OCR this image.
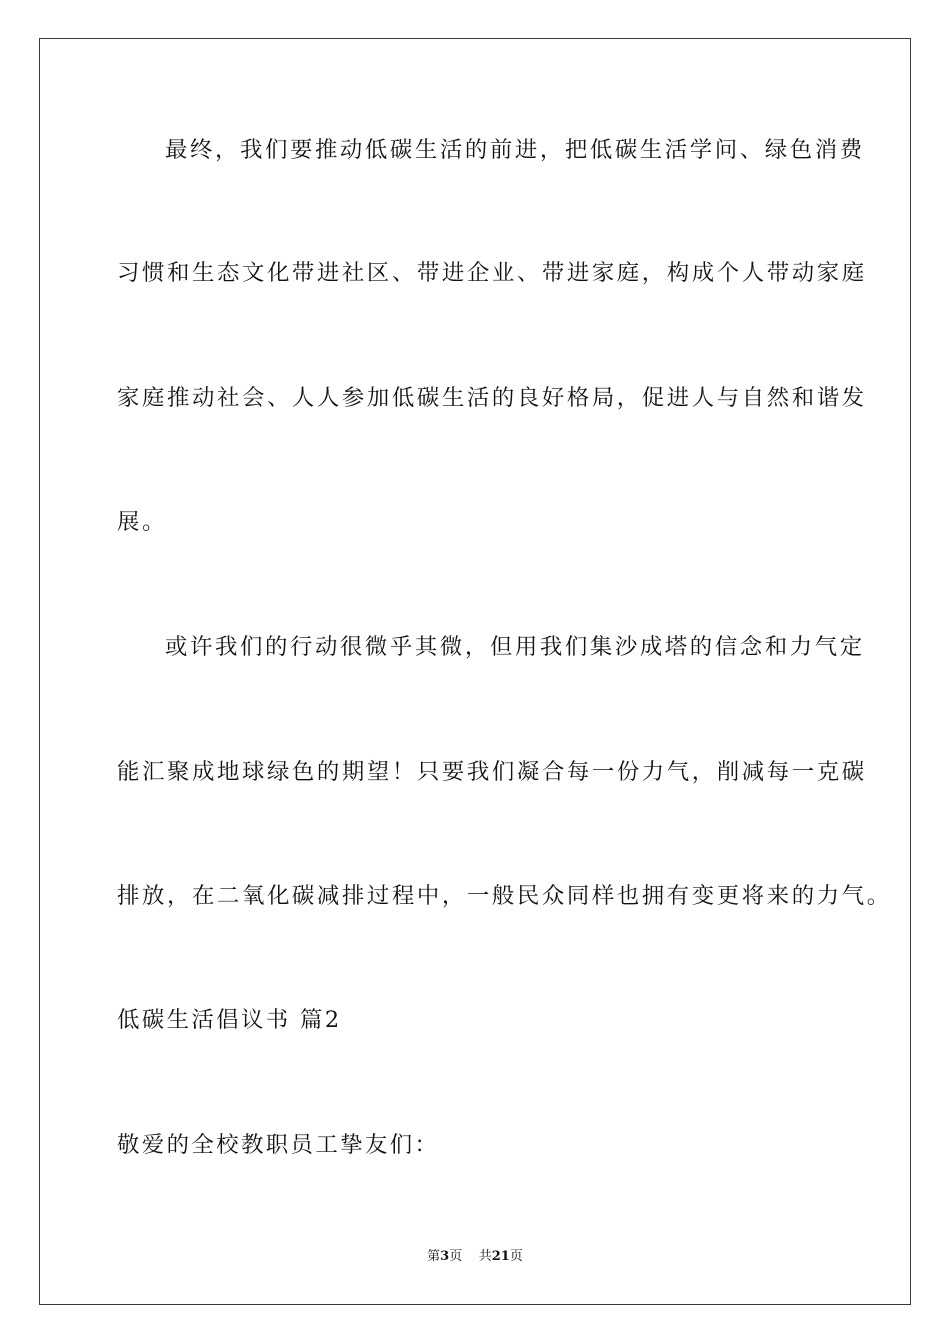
最终，我们要推动低碳生活的前进，把低碳生活学问、绿色消费
习惯和生态文化带进社区、带进企业、带进家庭，构成个人带动家庭
家庭推动社会、人人参加低碳生活的良好格局，促进人与自然和谐发
展。
或许我们的行动很微乎其微，但用我们集沙成塔的信念和力气定
能汇聚成地球绿色的期望！只要我们凝合每一份力气，削减每一克碳
排放，在二氧化碳减排过程中，一般民众同样也拥有变更将来的力气。
低碳生活倡议书 篇2
敬爱的全校教职员工挚友们：
第3页 共21页
